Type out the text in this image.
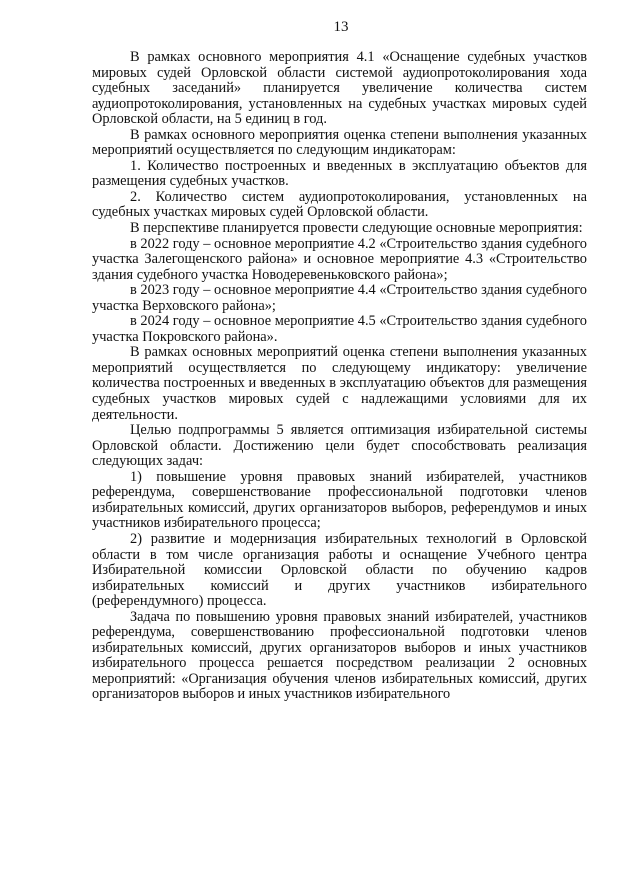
13

В рамках основного мероприятия 4.1 «Оснащение судебных участков мировых судей Орловской области системой аудиопротоколирования хода судебных заседаний» планируется увеличение количества систем аудиопротоколирования, установленных на судебных участках мировых судей Орловской области, на 5 единиц в год.

В рамках основного мероприятия оценка степени выполнения указанных мероприятий осуществляется по следующим индикаторам:

1. Количество построенных и введенных в эксплуатацию объектов для размещения судебных участков.

2. Количество систем аудиопротоколирования, установленных на судебных участках мировых судей Орловской области.

В перспективе планируется провести следующие основные мероприятия:

в 2022 году – основное мероприятие 4.2 «Строительство здания судебного участка Залегощенского района» и основное мероприятие 4.3 «Строительство здания судебного участка Новодеревеньковского района»;

в 2023 году – основное мероприятие 4.4 «Строительство здания судебного участка Верховского района»;

в 2024 году – основное мероприятие 4.5 «Строительство здания судебного участка Покровского района».

В рамках основных мероприятий оценка степени выполнения указанных мероприятий осуществляется по следующему индикатору: увеличение количества построенных и введенных в эксплуатацию объектов для размещения судебных участков мировых судей с надлежащими условиями для их деятельности.

Целью подпрограммы 5 является оптимизация избирательной системы Орловской области. Достижению цели будет способствовать реализация следующих задач:

1) повышение уровня правовых знаний избирателей, участников референдума, совершенствование профессиональной подготовки членов избирательных комиссий, других организаторов выборов, референдумов и иных участников избирательного процесса;

2) развитие и модернизация избирательных технологий в Орловской области в том числе организация работы и оснащение Учебного центра Избирательной комиссии Орловской области по обучению кадров избирательных комиссий и других участников избирательного (референдумного) процесса.

Задача по повышению уровня правовых знаний избирателей, участников референдума, совершенствованию профессиональной подготовки членов избирательных комиссий, других организаторов выборов и иных участников избирательного процесса решается посредством реализации 2 основных мероприятий: «Организация обучения членов избирательных комиссий, других организаторов выборов и иных участников избирательного
